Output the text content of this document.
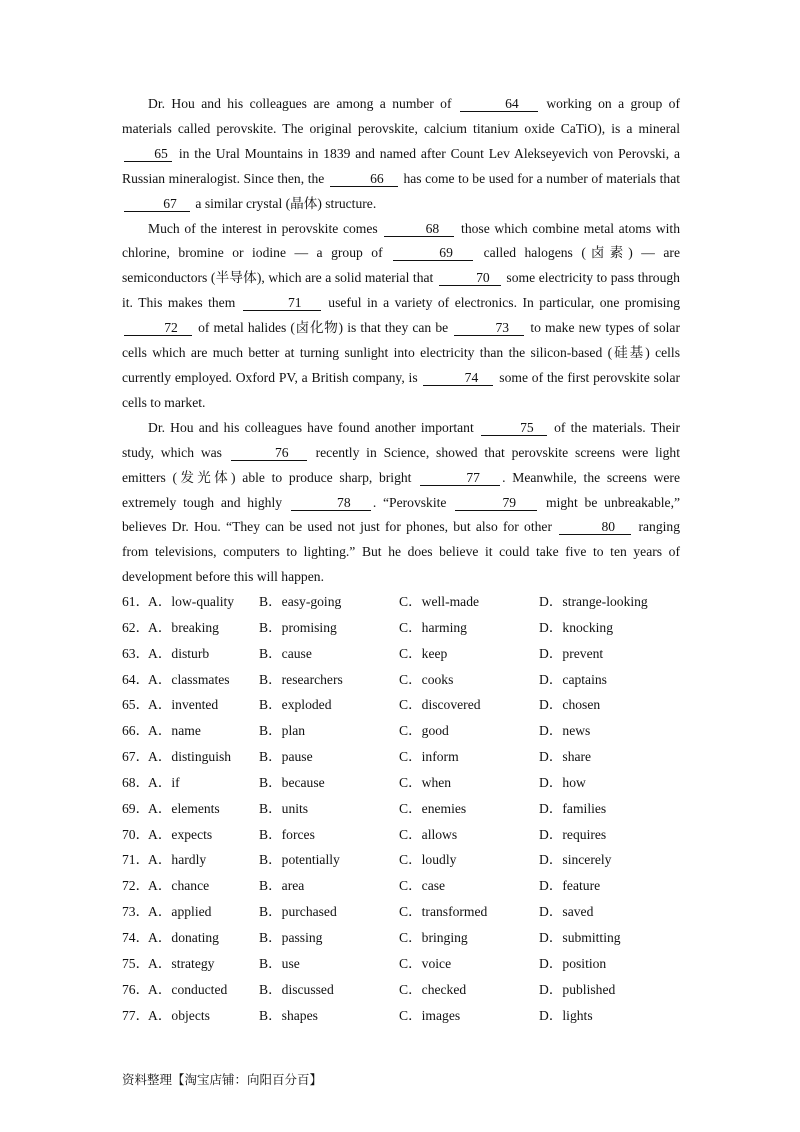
Dr. Hou and his colleagues are among a number of	64 working on a group of materials called perovskite. The original perovskite, calcium titanium oxide CaTiO), is a mineral 65 in the Ural Mountains in 1839 and named after Count Lev Alekseyevich von Perovski, a Russian mineralogist. Since then, the	66 has come to be used for a number of materials that 67 a similar crystal (晶体) structure.

Much of the interest in perovskite comes	68 those which combine metal atoms with chlorine, bromine or iodine — a group of	69 called halogens (卤素) — are semiconductors (半导体), which are a solid material that	70 some electricity to pass through it. This makes them	71 useful in a variety of electronics. In particular, one promising 72 of metal halides (卤化物) is that they can be	73 to make new types of solar cells which are much better at turning sunlight into electricity than the silicon-based (硅基) cells currently employed. Oxford PV, a British company, is	74 some of the first perovskite solar cells to market.

Dr. Hou and his colleagues have found another important	75 of the materials. Their study, which was	76 recently in Science, showed that perovskite screens were light emitters (发光体) able to produce sharp, bright	77 . Meanwhile, the screens were extremely tough and highly	78 . “Perovskite	79 might be unbreakable,” believes Dr. Hou. “They can be used not just for phones, but also for other	80 ranging from televisions, computers to lighting.” But he does believe it could take five to ten years of development before this will happen.

61．
A．low-quality B．easy-going	C．well-made	D．strange-looking
62．
A．breaking	B．promising	C．harming	D．knocking
63．
A．disturb	B．cause	C．keep	D．prevent
64．
A．classmates B．researchers	C．cooks	D．captains
65．
A．invented	B．exploded	C．discovered	D．chosen
66．
A．name	B．plan	C．good	D．news
67．
A．distinguish B．pause	C．inform	D．share
68．
A．if	B．because	C．when	D．how
69．
A．elements	B．units	C．enemies	D．families
70．
A．expects	B．forces	C．allows	D．requires
71．
A．hardly	B．potentially	C．loudly	D．sincerely
72．
A．chance	B．area	C．case	D．feature
73．
A．applied	B．purchased	C．transformed	D．saved
74．
A．donating	B．passing	C．bringing	D．submitting
75．
A．strategy	B．use	C．voice	D．position
76．
A．conducted B．discussed	C．checked	D．published
77．
A．objects	B．shapes	C．images	D．lights
资料整理【淘宝店铺：向阳百分百】
